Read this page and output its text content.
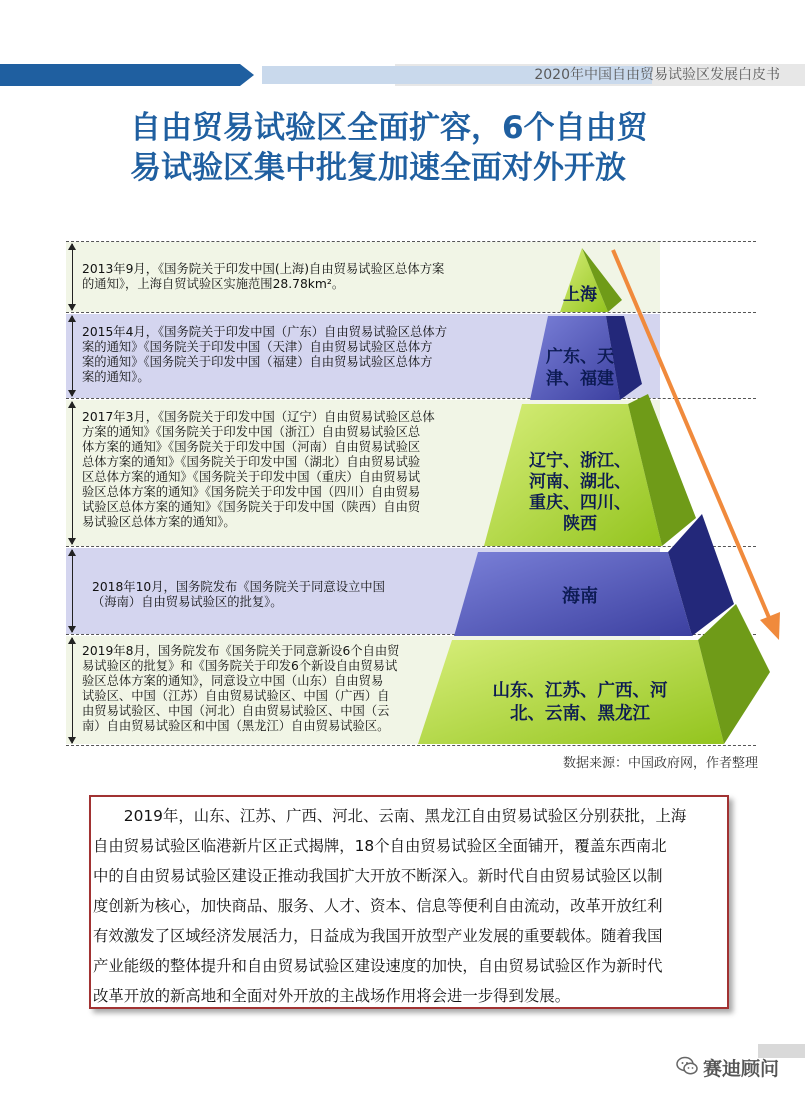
2020年中国自由贸易试验区发展白皮书
自由贸易试验区全面扩容，6个自由贸
易试验区集中批复加速全面对外开放
2013年9月，《国务院关于印发中国(上海)自由贸易试验区总体方案
的通知》，上海自贸试验区实施范围28.78km²。
2015年4月，《国务院关于印发中国（广东）自由贸易试验区总体方
案的通知》《国务院关于印发中国（天津）自由贸易试验区总体方
案的通知》《国务院关于印发中国（福建）自由贸易试验区总体方
案的通知》。
2017年3月，《国务院关于印发中国（辽宁）自由贸易试验区总体
方案的通知》《国务院关于印发中国（浙江）自由贸易试验区总
体方案的通知》《国务院关于印发中国（河南）自由贸易试验区
总体方案的通知》《国务院关于印发中国（湖北）自由贸易试验
区总体方案的通知》《国务院关于印发中国（重庆）自由贸易试
验区总体方案的通知》《国务院关于印发中国（四川）自由贸易
试验区总体方案的通知》《国务院关于印发中国（陕西）自由贸
易试验区总体方案的通知》。
2018年10月，国务院发布《国务院关于同意设立中国
（海南）自由贸易试验区的批复》。
2019年8月，国务院发布《国务院关于同意新设6个自由贸
易试验区的批复》和《国务院关于印发6个新设自由贸易试
验区总体方案的通知》，同意设立中国（山东）自由贸易
试验区、中国（江苏）自由贸易试验区、中国（广西）自
由贸易试验区、中国（河北）自由贸易试验区、中国（云
南）自由贸易试验区和中国（黑龙江）自由贸易试验区。
上海
广东、天
津、福建
辽宁、浙江、
河南、湖北、
重庆、四川、
陕西
海南
山东、江苏、广西、河
北、云南、黑龙江
数据来源：中国政府网，作者整理
　　2019年，山东、江苏、广西、河北、云南、黑龙江自由贸易试验区分别获批，上海
自由贸易试验区临港新片区正式揭牌，18个自由贸易试验区全面铺开，覆盖东西南北
中的自由贸易试验区建设正推动我国扩大开放不断深入。新时代自由贸易试验区以制
度创新为核心，加快商品、服务、人才、资本、信息等便利自由流动，改革开放红利
有效激发了区域经济发展活力，日益成为我国开放型产业发展的重要载体。随着我国
产业能级的整体提升和自由贸易试验区建设速度的加快，自由贸易试验区作为新时代
改革开放的新高地和全面对外开放的主战场作用将会进一步得到发展。
赛迪顾问
